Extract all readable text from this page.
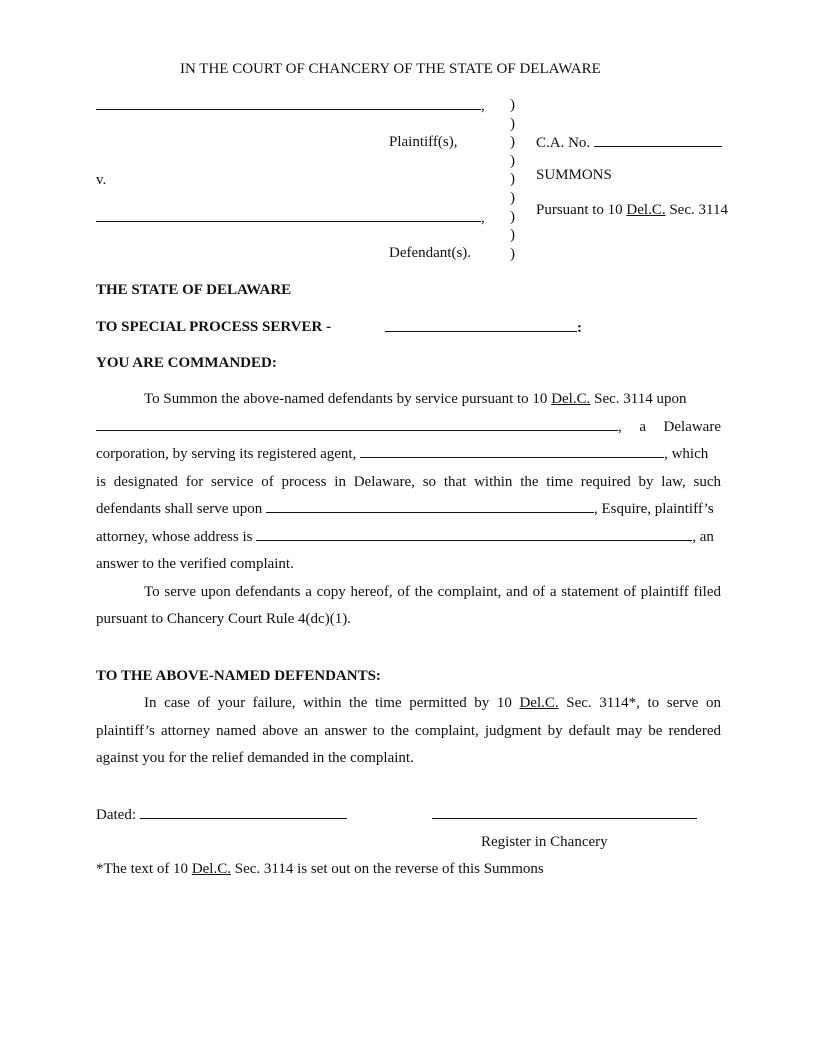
IN THE COURT OF CHANCERY OF THE STATE OF DELAWARE
,
Plaintiff(s),
v.
,
Defendant(s).
)
)
)
)
)
)
)
)
)
C.A. No.
SUMMONS
Pursuant to 10 Del.C. Sec. 3114
THE STATE OF DELAWARE
TO SPECIAL PROCESS SERVER -	:
YOU ARE COMMANDED:
To Summon the above-named defendants by service pursuant to 10 Del.C. Sec. 3114 upon
, a Delaware
corporation, by serving its registered agent,	, which
is designated for service of process in Delaware, so that within the time required by law, such
defendants shall serve upon	, Esquire, plaintiff’s
attorney, whose address is	, an
answer to the verified complaint.
To serve upon defendants a copy hereof, of the complaint, and of a statement of plaintiff filed pursuant to Chancery Court Rule 4(dc)(1).
TO THE ABOVE-NAMED DEFENDANTS:
In case of your failure, within the time permitted by 10 Del.C. Sec. 3114*, to serve on plaintiff’s attorney named above an answer to the complaint, judgment by default may be rendered against you for the relief demanded in the complaint.
Dated:
Register in Chancery
*The text of 10 Del.C. Sec. 3114 is set out on the reverse of this Summons
